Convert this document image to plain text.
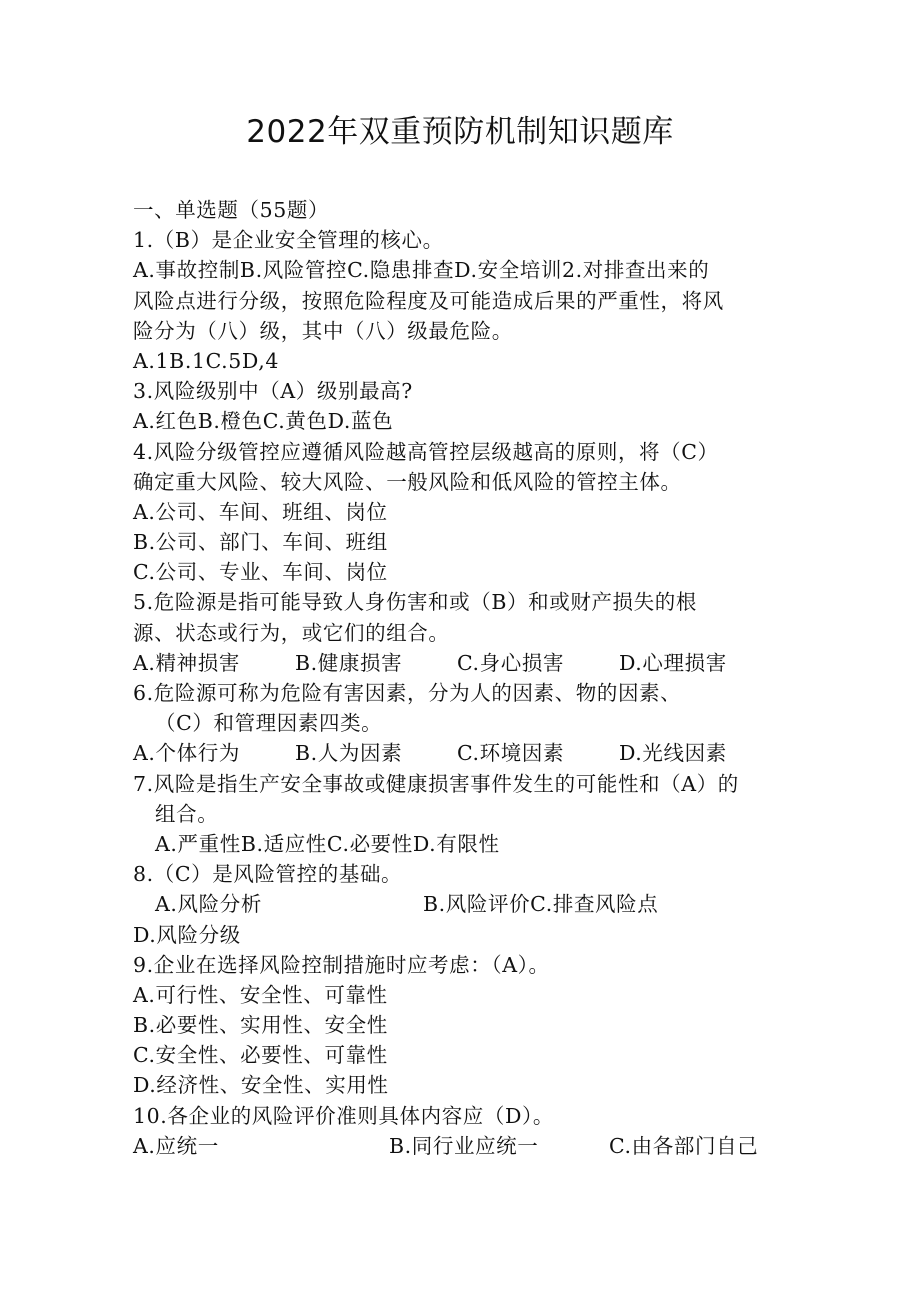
2022年双重预防机制知识题库
一、单选题（55题）
1.（B）是企业安全管理的核心。
A.事故控制B.风险管控C.隐患排查D.安全培训2.对排查出来的
风险点进行分级，按照危险程度及可能造成后果的严重性，将风
险分为（八）级，其中（八）级最危险。
A.1B.1C.5D,4
3.风险级别中（A）级别最高?
A.红色B.橙色C.黄色D.蓝色
4.风险分级管控应遵循风险越高管控层级越高的原则，将（C）
确定重大风险、较大风险、一般风险和低风险的管控主体。
A.公司、车间、班组、岗位
B.公司、部门、车间、班组
C.公司、专业、车间、岗位
5.危险源是指可能导致人身伤害和或（B）和或财产损失的根
源、状态或行为，或它们的组合。
A.精神损害	B.健康损害	C.身心损害	D.心理损害
6.危险源可称为危险有害因素，分为人的因素、物的因素、
（C）和管理因素四类。
A.个体行为	B.人为因素	C.环境因素	D.光线因素
7.风险是指生产安全事故或健康损害事件发生的可能性和（A）的
组合。
A.严重性B.适应性C.必要性D.有限性
8.（C）是风险管控的基础。
A.风险分析	B.风险评价C.排查风险点
D.风险分级
9.企业在选择风险控制措施时应考虑：（A）。
A.可行性、安全性、可靠性
B.必要性、实用性、安全性
C.安全性、必要性、可靠性
D.经济性、安全性、实用性
10.各企业的风险评价准则具体内容应（D）。
A.应统一	B.同行业应统一	C.由各部门自己
